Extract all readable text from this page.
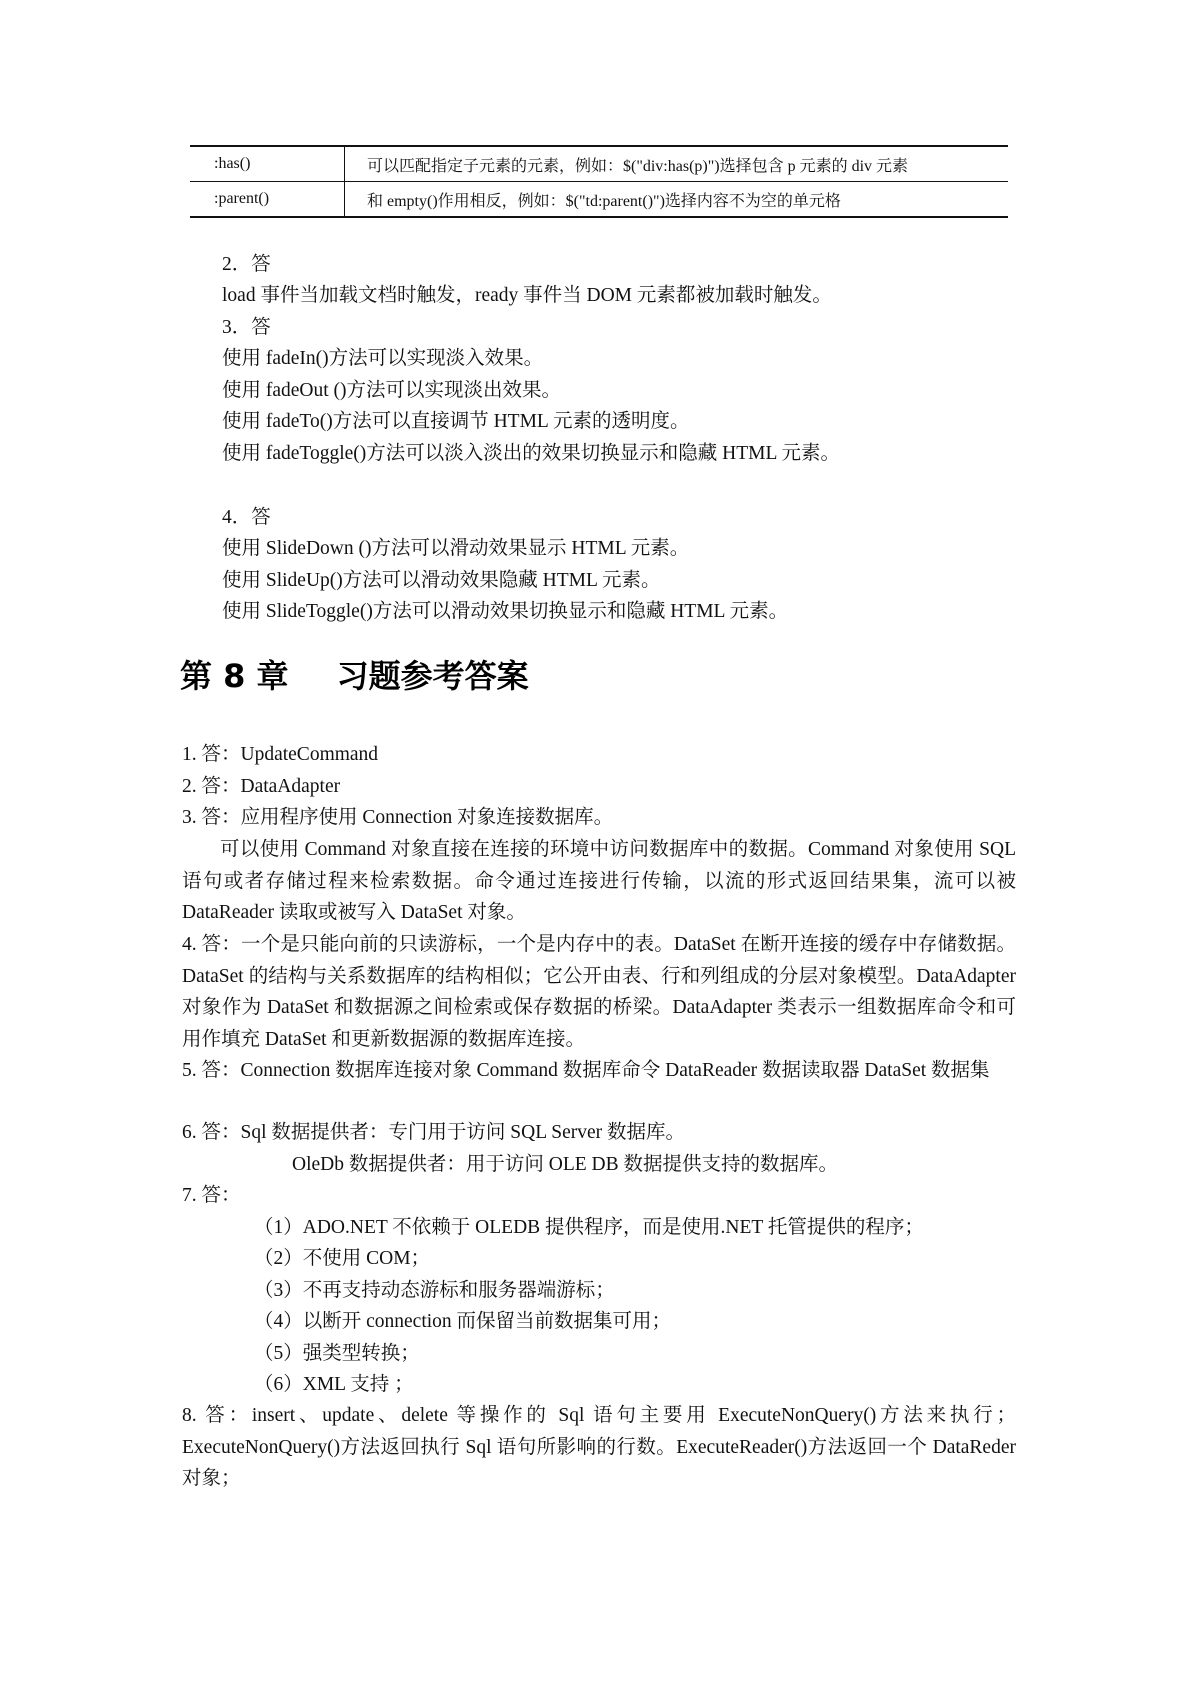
:has()	可以匹配指定子元素的元素，例如：$("div:has(p)")选择包含 p 元素的 div 元素
:parent()	和 empty()作用相反，例如：$("td:parent()")选择内容不为空的单元格
2．答
load 事件当加载文档时触发，ready 事件当 DOM 元素都被加载时触发。
3．答
使用 fadeIn()方法可以实现淡入效果。
使用 fadeOut ()方法可以实现淡出效果。
使用 fadeTo()方法可以直接调节 HTML 元素的透明度。
使用 fadeToggle()方法可以淡入淡出的效果切换显示和隐藏 HTML 元素。
4．答
使用 SlideDown ()方法可以滑动效果显示 HTML 元素。
使用 SlideUp()方法可以滑动效果隐藏 HTML 元素。
使用 SlideToggle()方法可以滑动效果切换显示和隐藏 HTML 元素。
第 8 章 习题参考答案
1. 答：UpdateCommand
2. 答：DataAdapter
3. 答：应用程序使用 Connection 对象连接数据库。
可以使用 Command 对象直接在连接的环境中访问数据库中的数据。Command 对象使用 SQL 语句或者存储过程来检索数据。命令通过连接进行传输，以流的形式返回结果集，流可以被 DataReader 读取或被写入 DataSet 对象。
4. 答：一个是只能向前的只读游标，一个是内存中的表。DataSet 在断开连接的缓存中存储数据。DataSet 的结构与关系数据库的结构相似；它公开由表、行和列组成的分层对象模型。DataAdapter 对象作为 DataSet 和数据源之间检索或保存数据的桥梁。DataAdapter 类表示一组数据库命令和可用作填充 DataSet 和更新数据源的数据库连接。
5. 答：Connection 数据库连接对象 Command 数据库命令 DataReader 数据读取器 DataSet 数据集
6. 答：Sql 数据提供者：专门用于访问 SQL Server 数据库。
OleDb 数据提供者：用于访问 OLE DB 数据提供支持的数据库。
7. 答：
（1）ADO.NET 不依赖于 OLEDB 提供程序，而是使用.NET 托管提供的程序；
（2）不使用 COM；
（3）不再支持动态游标和服务器端游标；
（4）以断开 connection 而保留当前数据集可用；
（5）强类型转换；
（6）XML 支持 ；
8. 答：insert、update、delete 等操作的 Sql 语句主要用 ExecuteNonQuery()方法来执行；ExecuteNonQuery()方法返回执行 Sql 语句所影响的行数。ExecuteReader()方法返回一个 DataReder 对象；
